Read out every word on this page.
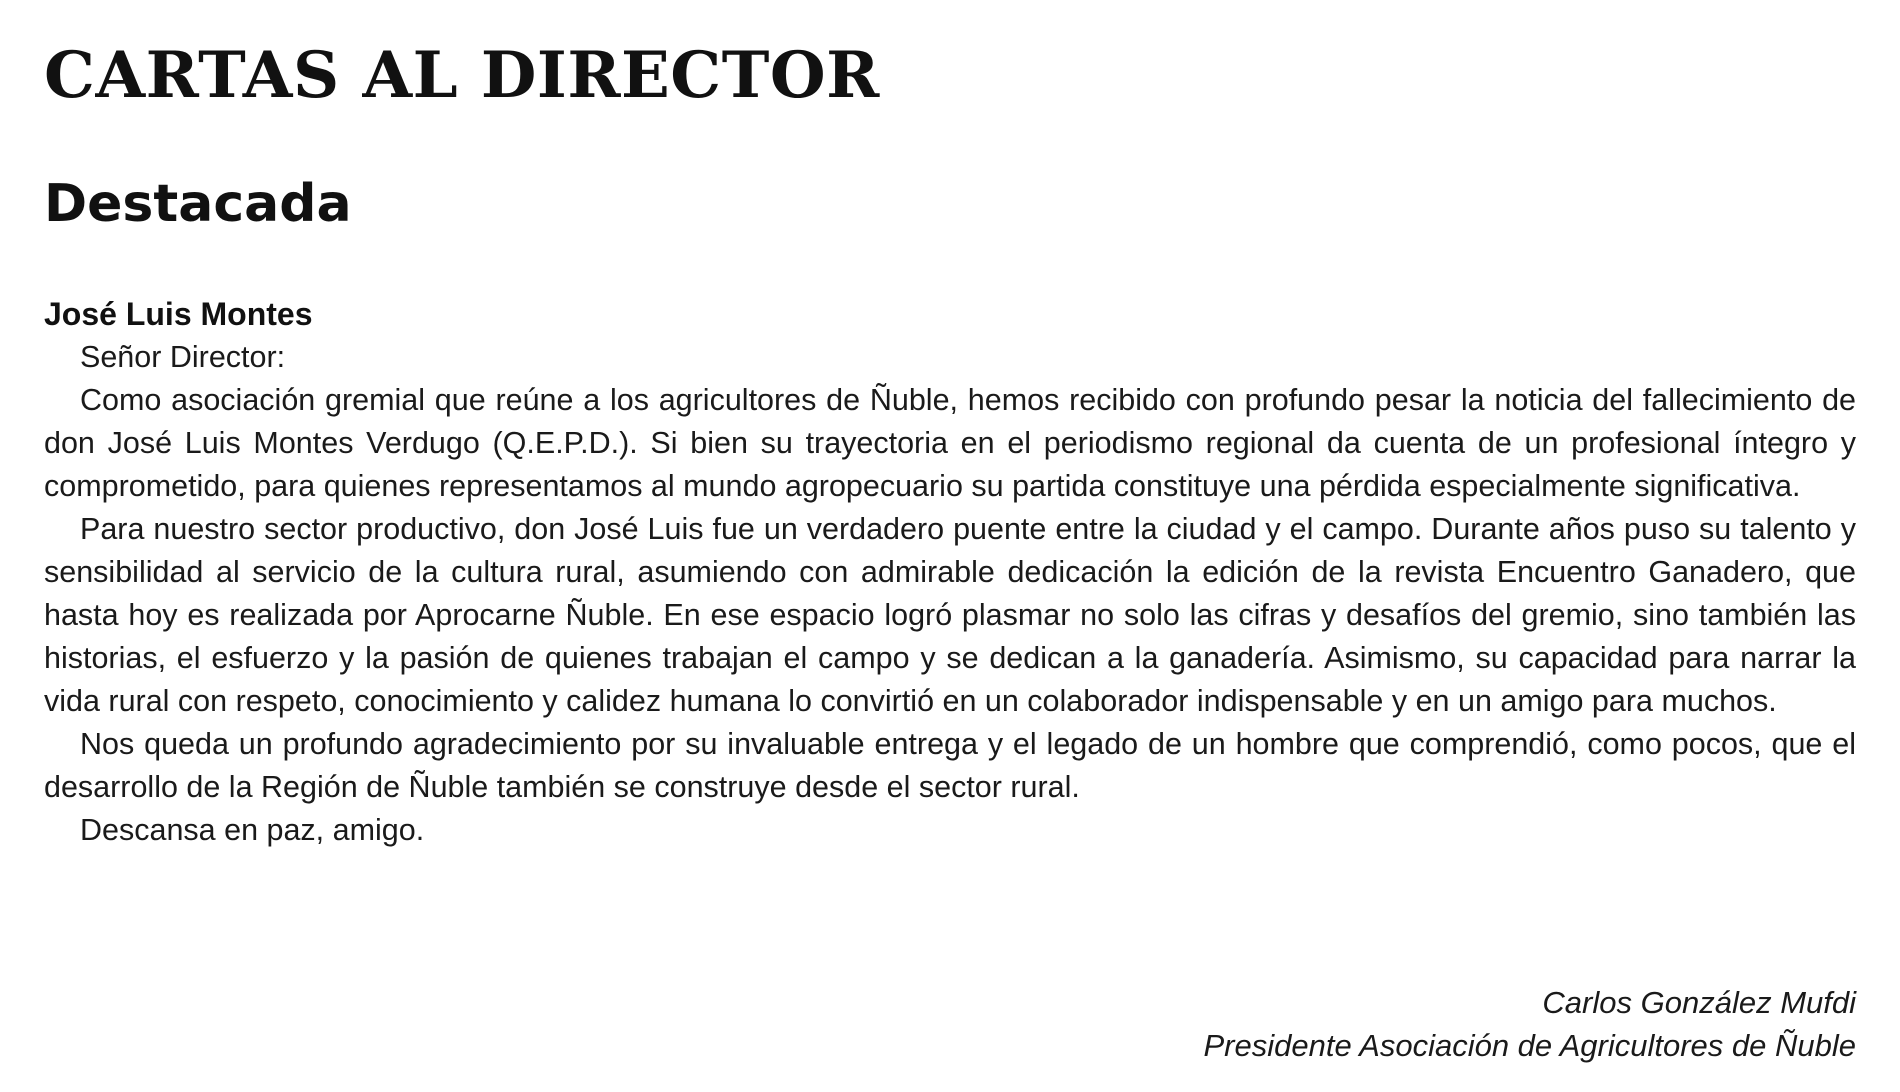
CARTAS AL DIRECTOR
Destacada
José Luis Montes

Señor Director:

Como asociación gremial que reúne a los agricultores de Ñuble, hemos recibido con profundo pesar la noticia del fallecimiento de don José Luis Montes Verdugo (Q.E.P.D.). Si bien su trayectoria en el periodismo regional da cuenta de un profesional íntegro y comprometido, para quienes representamos al mundo agropecuario su partida constituye una pérdida especialmente significativa.

Para nuestro sector productivo, don José Luis fue un verdadero puente entre la ciudad y el campo. Durante años puso su talento y sensibilidad al servicio de la cultura rural, asumiendo con admirable dedicación la edición de la revista Encuentro Ganadero, que hasta hoy es realizada por Aprocarne Ñuble. En ese espacio logró plasmar no solo las cifras y desafíos del gremio, sino también las historias, el esfuerzo y la pasión de quienes trabajan el campo y se dedican a la ganadería. Asimismo, su capacidad para narrar la vida rural con respeto, conocimiento y calidez humana lo convirtió en un colaborador indispensable y en un amigo para muchos.

Nos queda un profundo agradecimiento por su invaluable entrega y el legado de un hombre que comprendió, como pocos, que el desarrollo de la Región de Ñuble también se construye desde el sector rural.

Descansa en paz, amigo.

Carlos González Mufdi
Presidente Asociación de Agricultores de Ñuble
